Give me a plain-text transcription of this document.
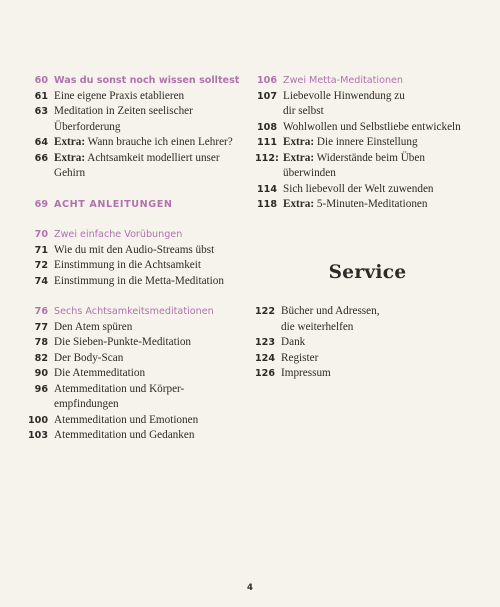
60 Was du sonst noch wissen solltest
61 Eine eigene Praxis etablieren
63 Meditation in Zeiten seelischer
Überforderung
64 Extra: Wann brauche ich einen Lehrer?
66 Extra: Achtsamkeit modelliert unser
Gehirn
69 ACHT ANLEITUNGEN
70 Zwei einfache Vorübungen
71 Wie du mit den Audio-Streams übst
72 Einstimmung in die Achtsamkeit
74 Einstimmung in die Metta-Meditation
76 Sechs Achtsamkeitsmeditationen
77 Den Atem spüren
78 Die Sieben-Punkte-Meditation
82 Der Body-Scan
90 Die Atemmeditation
96 Atemmeditation und Körper-
empfindungen
100 Atemmeditation und Emotionen
103 Atemmeditation und Gedanken
106 Zwei Metta-Meditationen
107 Liebevolle Hinwendung zu
dir selbst
108 Wohlwollen und Selbstliebe entwickeln
111 Extra: Die innere Einstellung
112: Extra: Widerstände beim Üben
überwinden
114 Sich liebevoll der Welt zuwenden
118 Extra: 5-Minuten-Meditationen
Service
122 Bücher und Adressen,
die weiterhelfen
123 Dank
124 Register
126 Impressum
4
